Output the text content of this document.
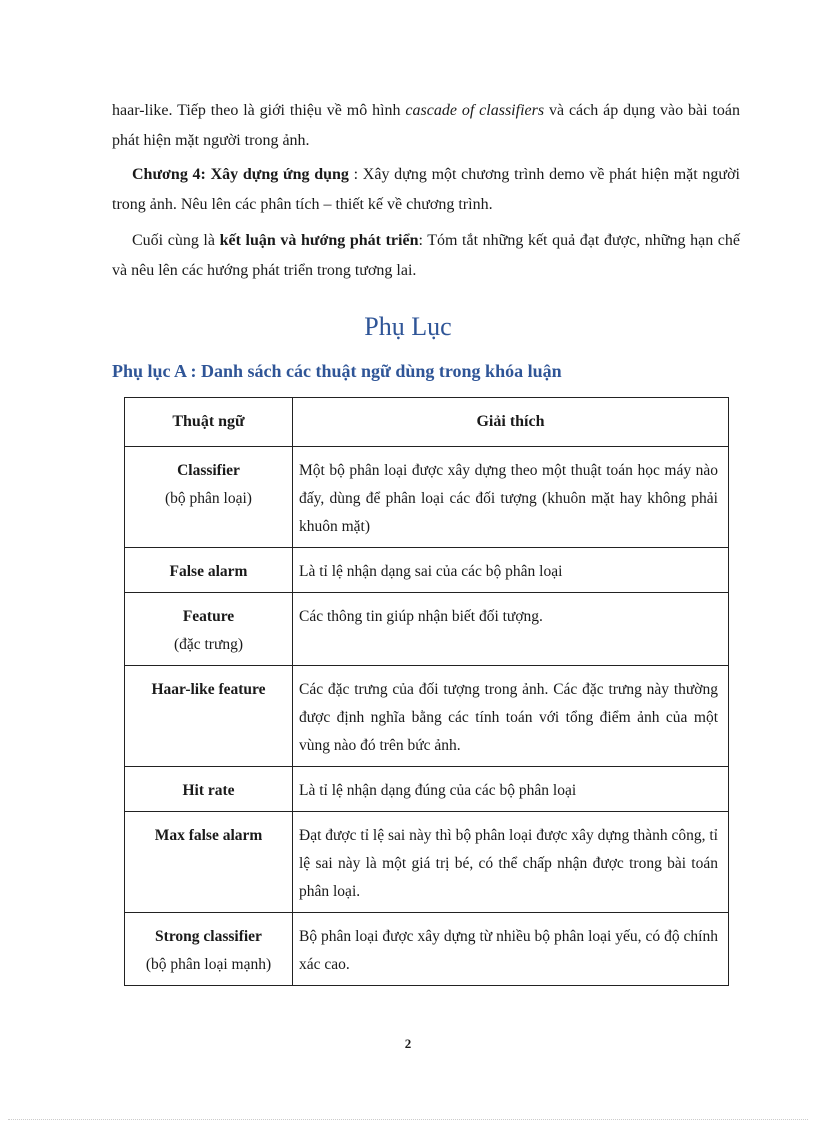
haar-like. Tiếp theo là giới thiệu về mô hình cascade of classifiers và cách áp dụng vào bài toán phát hiện mặt người trong ảnh.

Chương 4: Xây dựng ứng dụng : Xây dựng một chương trình demo về phát hiện mặt người trong ảnh. Nêu lên các phân tích – thiết kế về chương trình.

Cuối cùng là kết luận và hướng phát triển: Tóm tắt những kết quả đạt được, những hạn chế và nêu lên các hướng phát triển trong tương lai.

Phụ Lục
Phụ lục A : Danh sách các thuật ngữ dùng trong khóa luận
Thuật ngữ	Giải thích

Classifier
(bộ phân loại)	Một bộ phân loại được xây dựng theo một thuật toán học máy nào đấy, dùng để phân loại các đối tượng (khuôn mặt hay không phải khuôn mặt)

False alarm	Là tỉ lệ nhận dạng sai của các bộ phân loại

Feature
(đặc trưng)	Các thông tin giúp nhận biết đối tượng.

Haar-like feature	Các đặc trưng của đối tượng trong ảnh. Các đặc trưng này thường được định nghĩa bằng các tính toán với tổng điểm ảnh của một vùng nào đó trên bức ảnh.

Hit rate	Là tỉ lệ nhận dạng đúng của các bộ phân loại

Max false alarm	Đạt được tỉ lệ sai này thì bộ phân loại được xây dựng thành công, tỉ lệ sai này là một giá trị bé, có thể chấp nhận được trong bài toán phân loại.

Strong classifier
(bộ phân loại mạnh)	Bộ phân loại được xây dựng từ nhiều bộ phân loại yếu, có độ chính xác cao.

2
